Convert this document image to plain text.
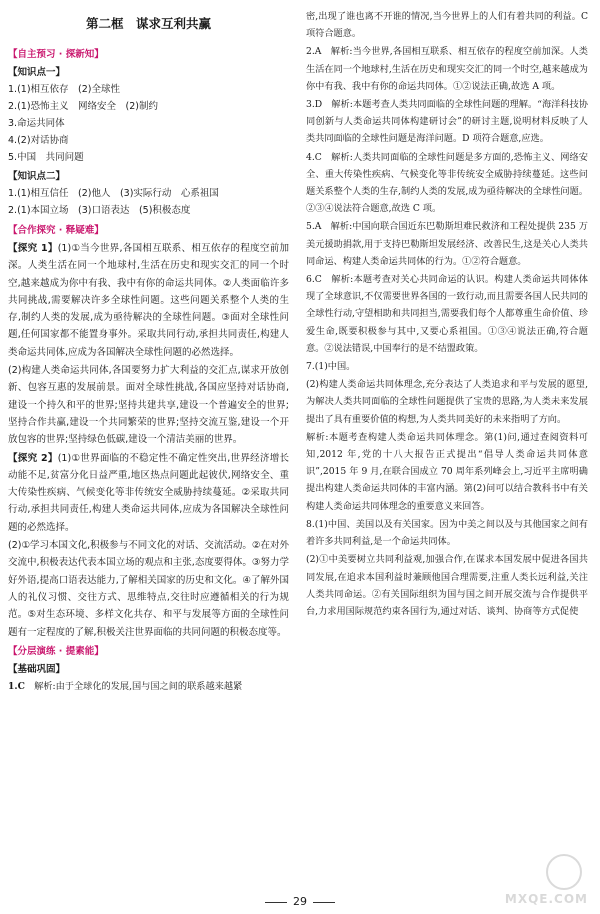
第二框　谋求互利共赢
【自主预习 · 探新知】
【知识点一】
1.(1)相互依存　(2)全球性
2.(1)恐怖主义　网络安全　(2)制约
3.命运共同体
4.(2)对话协商
5.中国　共同问题
【知识点二】
1.(1)相互信任　(2)他人　(3)实际行动　心系祖国
2.(1)本国立场　(3)口语表达　(5)积极态度
【合作探究 · 释疑难】

【探究 1】(1)①当今世界,各国相互联系、相互依存的程度空前加深。人类生活在同一个地球村,生活在历史和现实交汇的同一个时空,越来越成为你中有我、我中有你的命运共同体。②人类面临许多共同挑战,需要解决许多全球性问题。这些问题关系整个人类的生存,制约人类的发展,成为亟待解决的全球性问题。③面对全球性问题,任何国家都不能置身事外。采取共同行动,承担共同责任,构建人类命运共同体,应成为各国解决全球性问题的必然选择。

(2)构建人类命运共同体,各国要努力扩大利益的交汇点,谋求开放创新、包容互惠的发展前景。面对全球性挑战,各国应坚持对话协商,建设一个持久和平的世界;坚持共建共享,建设一个普遍安全的世界;坚持合作共赢,建设一个共同繁荣的世界;坚持交流互鉴,建设一个开放包容的世界;坚持绿色低碳,建设一个清洁美丽的世界。

【探究 2】(1)①世界面临的不稳定性不确定性突出,世界经济增长动能不足,贫富分化日益严重,地区热点问题此起彼伏,网络安全、重大传染性疾病、气候变化等非传统安全威胁持续蔓延。②采取共同行动,承担共同责任,构建人类命运共同体,应成为各国解决全球性问题的必然选择。

(2)①学习本国文化,积极参与不同文化的对话、交流活动。②在对外交流中,积极表达代表本国立场的观点和主张,态度要得体。③努力学好外语,提高口语表达能力,了解相关国家的历史和文化。④了解外国人的礼仪习惯、交往方式、思维特点,交往时应遵循相关的行为规范。⑤对生态环境、多样文化共存、和平与发展等方面的全球性问题有一定程度的了解,积极关注世界面临的共同问题的积极态度等。

【分层演练 · 提素能】
【基础巩固】

1.C　 解析:由于全球化的发展,国与国之间的联系越来越紧

密,出现了谁也离不开谁的情况,当今世界上的人们有着共同的利益。C 项符合题意。

2.A　解析:当今世界,各国相互联系、相互依存的程度空前加深。人类生活在同一个地球村,生活在历史和现实交汇的同一个时空,越来越成为你中有我、我中有你的命运共同体。①②说法正确,故选 A 项。

3.D　解析:本题考查人类共同面临的全球性问题的理解。“海洋科技协同创新与人类命运共同体构建研讨会”的研讨主题,说明材料反映了人类共同面临的全球性问题是海洋问题。D 项符合题意,应选。

4.C　解析:人类共同面临的全球性问题是多方面的,恐怖主义、网络安全、重大传染性疾病、气候变化等非传统安全威胁持续蔓延。这些问题关系整个人类的生存,制约人类的发展,成为亟待解决的全球性问题。②③④说法符合题意,故选 C 项。

5.A　解析:中国向联合国近东巴勒斯坦难民救济和工程处提供 235 万美元援助捐款,用于支持巴勒斯坦发展经济、改善民生,这是关心人类共同命运、构建人类命运共同体的行为。①②符合题意。

6.C　解析:本题考查对关心共同命运的认识。构建人类命运共同体体现了全球意识,不仅需要世界各国的一致行动,而且需要各国人民共同的全球性行动,守望相助和共同担当,需要我们每个人都尊重生命价值、珍爱生命,既要积极参与其中,又要心系祖国。①③④说法正确,符合题意。②说法错误,中国奉行的是不结盟政策。

7.(1)中国。

(2)构建人类命运共同体理念,充分表达了人类追求和平与发展的愿望,为解决人类共同面临的全球性问题提供了宝贵的思路,为人类未来发展提出了具有重要价值的构想,为人类共同美好的未来指明了方向。

解析:本题考查构建人类命运共同体理念。第(1)问,通过查阅资料可知,2012 年,党的十八大报告正式提出“倡导人类命运共同体意识”,2015 年 9 月,在联合国成立 70 周年系列峰会上,习近平主席明确提出构建人类命运共同体的丰富内涵。第(2)问可以结合教科书中有关构建人类命运共同体理念的重要意义来回答。

8.(1)中国、美国以及有关国家。因为中美之间以及与其他国家之间有着许多共同利益,是一个命运共同体。

(2)①中美要树立共同利益观,加强合作,在谋求本国发展中促进各国共同发展,在追求本国利益时兼顾他国合理需要,注重人类长远利益,关注人类共同命运。②有关国际组织为国与国之间开展交流与合作提供平台,力求用国际规范约束各国行为,通过对话、谈判、协商等方式促使

29	MXQE.COM
